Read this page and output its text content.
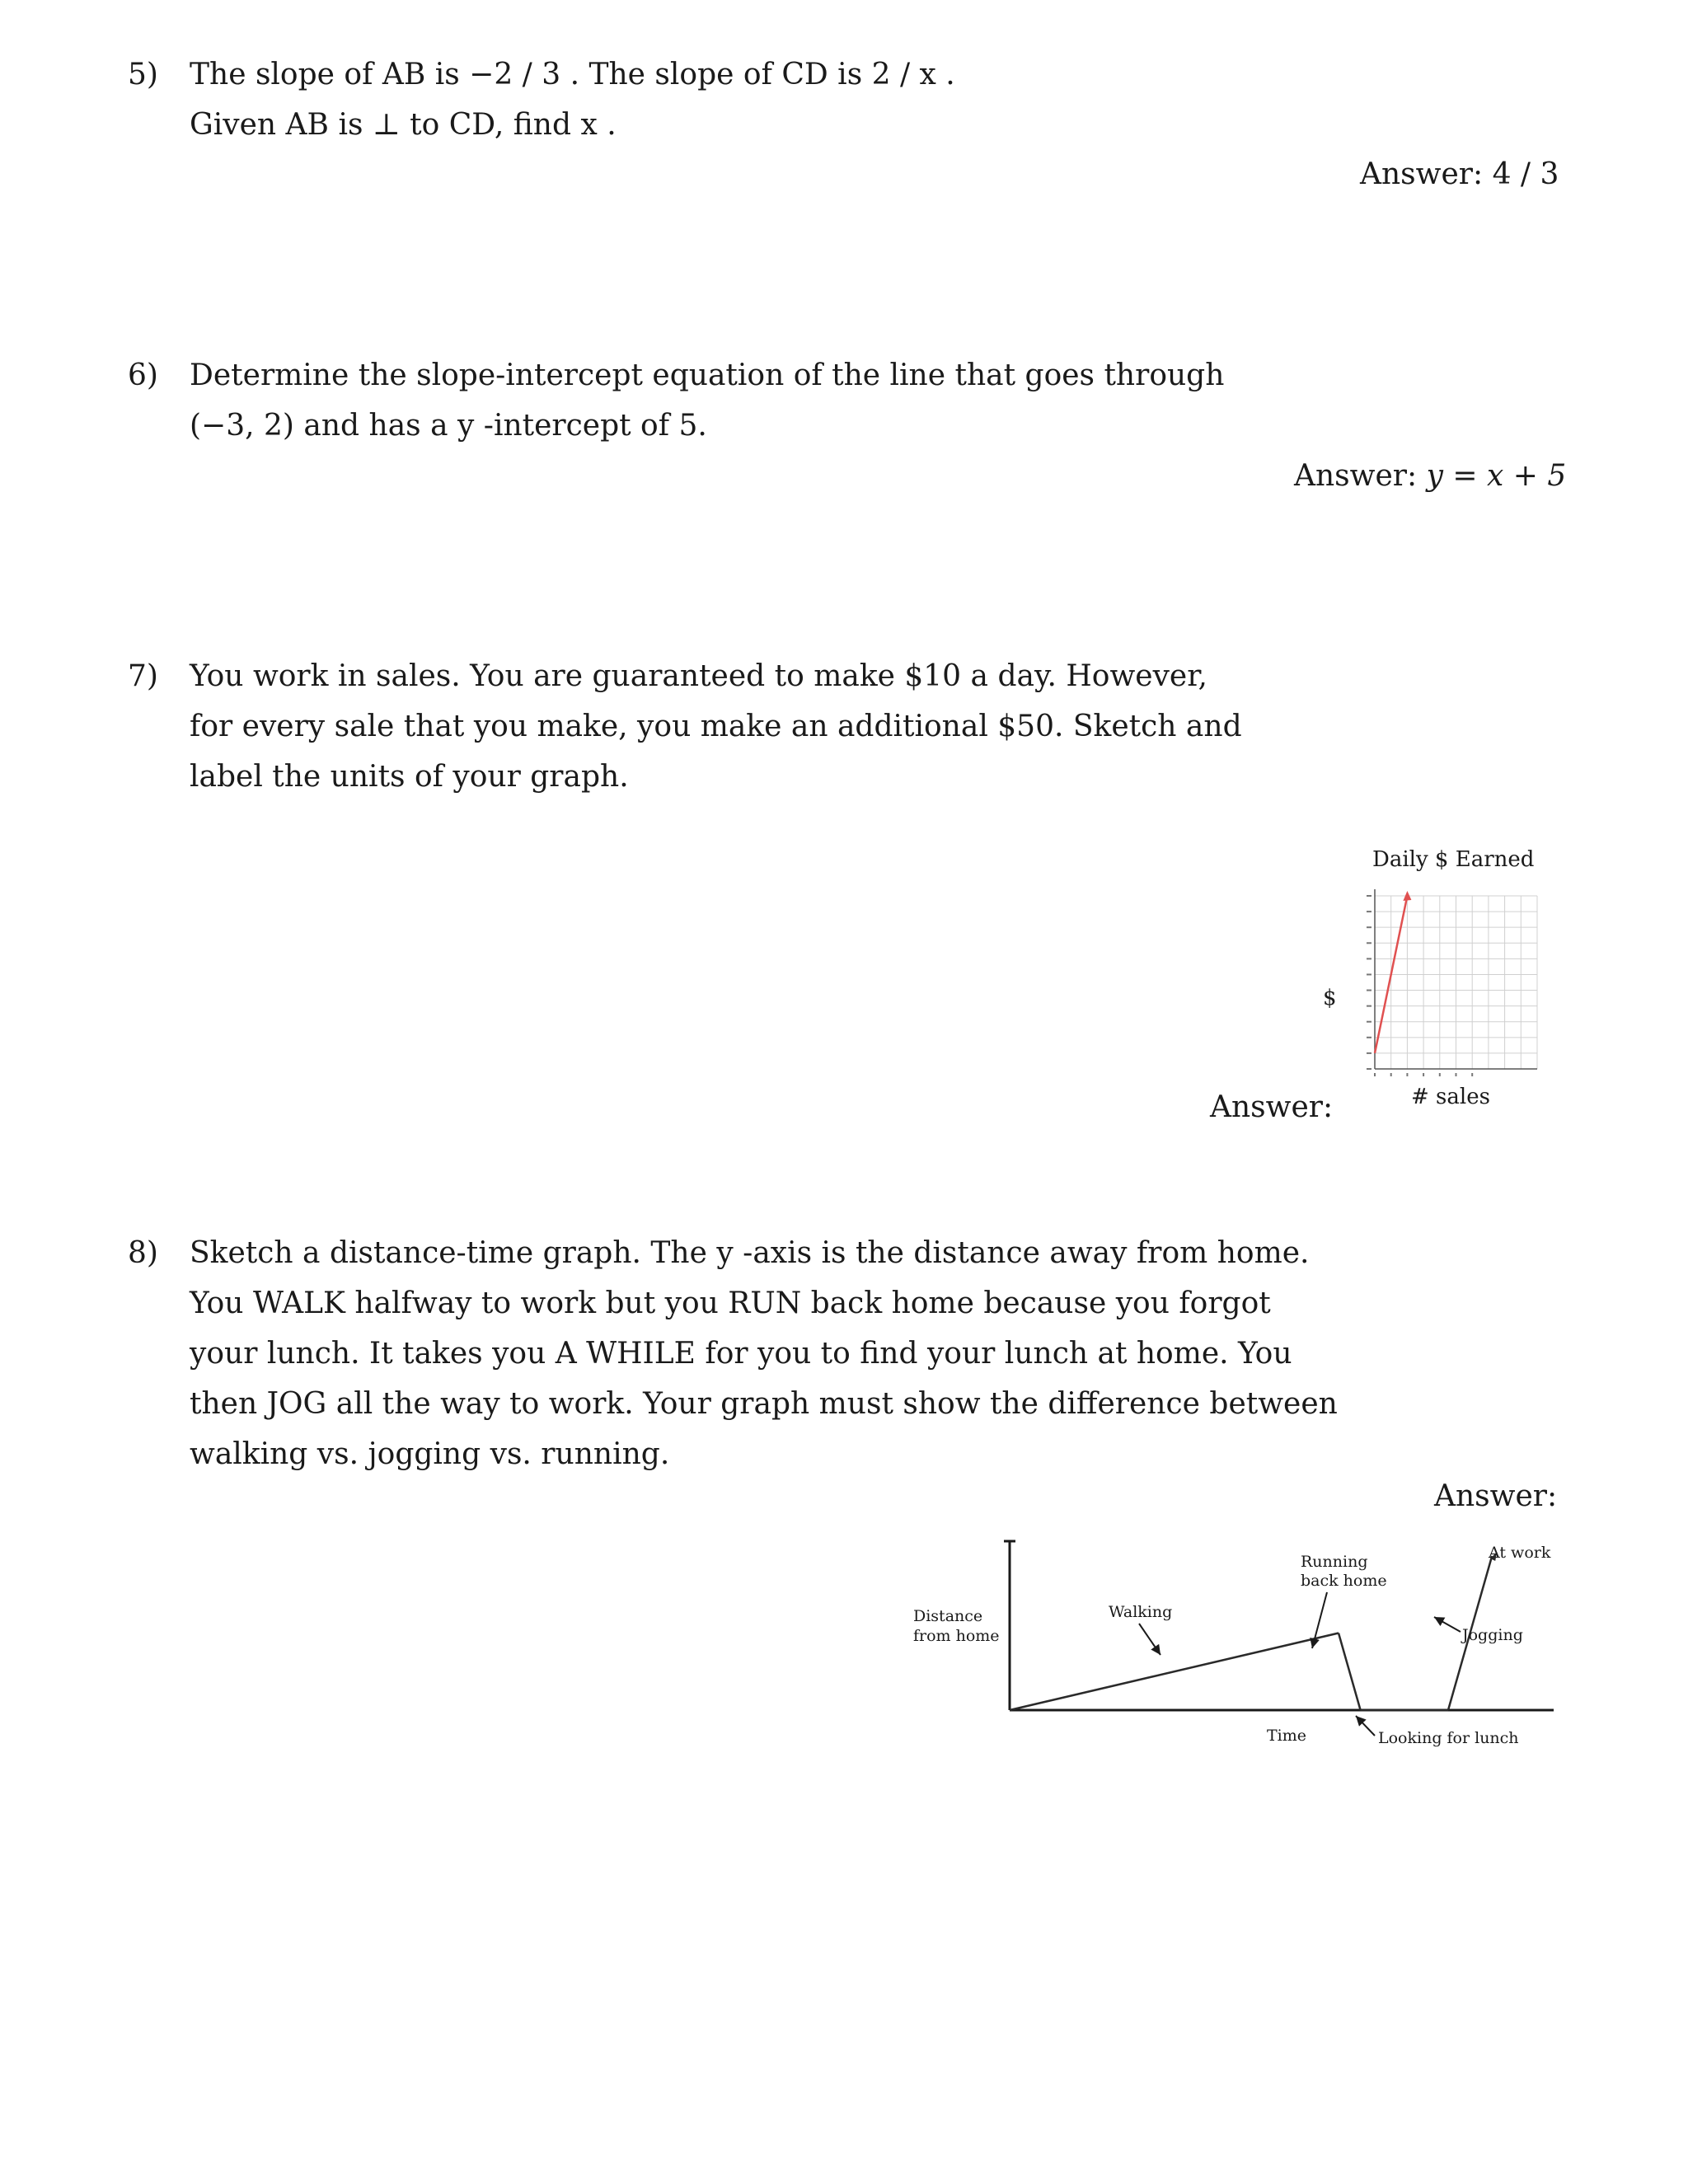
5) The slope of AB is −2 / 3 . The slope of CD is 2 / x .
Given AB is ⊥ to CD, find x .
Answer: 4 / 3
6) Determine the slope-intercept equation of the line that goes through
(−3, 2) and has a y -intercept of 5.
Answer: y = x + 5
7) You work in sales. You are guaranteed to make $10 a day. However,
for every sale that you make, you make an additional $50. Sketch and
label the units of your graph.
Answer:
Daily $ Earned
$
# sales
8) Sketch a distance-time graph. The y -axis is the distance away from home.
You WALK halfway to work but you RUN back home because you forgot
your lunch. It takes you A WHILE for you to find your lunch at home. You
then JOG all the way to work. Your graph must show the difference between
walking vs. jogging vs. running.
Answer:
Distance
from home
Time
Walking
Running
back home
At work
Jogging
Looking for lunch
